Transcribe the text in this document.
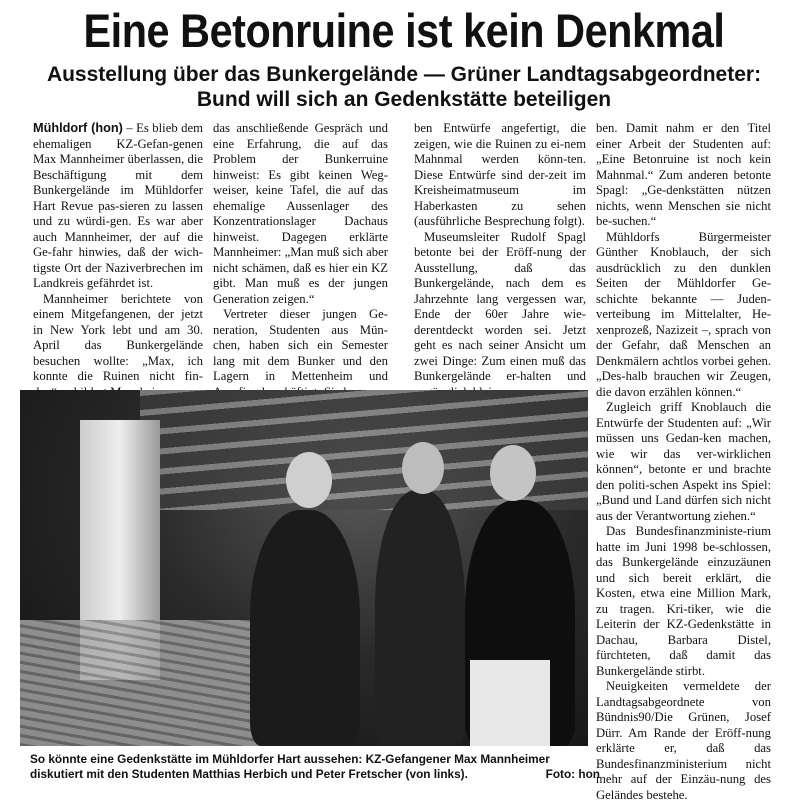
Eine Betonruine ist kein Denkmal
Ausstellung über das Bunkergelände — Grüner Landtagsabgeordneter:
Bund will sich an Gedenkstätte beteiligen

Mühldorf (hon) – Es blieb dem ehemaligen KZ-Gefan-genen Max Mannheimer überlassen, die Beschäftigung mit dem Bunkergelände im Mühldorfer Hart Revue pas-sieren zu lassen und zu würdi-gen. Es war aber auch Mannheimer, der auf die Ge-fahr hinwies, daß der wich-tigste Ort der Naziverbrechen im Landkreis gefährdet ist.

Mannheimer berichtete von einem Mitgefangenen, der jetzt in New York lebt und am 30. April das Bunkergelände besuchen wollte: „Max, ich konnte die Ruinen nicht fin-

das anschließende Gespräch und eine Erfahrung, die auf das Problem der Bunkerruine hinweist: Es gibt keinen Weg-weiser, keine Tafel, die auf das ehemalige Aussenlager des Konzentrationslager Dachaus hinweist. Dagegen erklärte Mannheimer: „Man muß sich aber nicht schämen, daß es hier ein KZ gibt. Man muß es der jungen Generation zeigen.“

Vertreter dieser jungen Ge-neration, Studenten aus Mün-chen, haben sich ein Semester lang mit dem Bunker und den Lagern in Mettenheim und

ben Entwürfe angefertigt, die zeigen, wie die Ruinen zu ei-nem Mahnmal werden könn-ten. Diese Entwürfe sind der-zeit im Kreisheimatmuseum im Haberkasten zu sehen (ausführliche Besprechung folgt).

Museumsleiter Rudolf Spagl betonte bei der Eröff-nung der Ausstellung, daß das Bunkergelände, nach dem es Jahrzehnte lang vergessen war, Ende der 60er Jahre wie-derentdeckt worden sei. Jetzt geht es nach seiner Ansicht um zwei Dinge: Zum einen muß das Bunkergelände er-halten und

ben. Damit nahm er den Titel einer Arbeit der Studenten auf: „Eine Betonruine ist noch kein Mahnmal.“ Zum anderen betonte Spagl: „Ge-denkstätten nützen nichts, wenn Menschen sie nicht be-suchen.“

Mühldorfs Bürgermeister Günther Knoblauch, der sich ausdrücklich zu den dunklen Seiten der Mühldorfer Ge-schichte bekannte — Juden-verteibung im Mittelalter, He-xenprozeß, Nazizeit –, sprach von der Gefahr, daß Menschen an Denkmälern achtlos vorbei gehen. „Des-halb brauchen wir Zeugen, die davon erzählen können.“

Zugleich griff Knoblauch die Entwürfe der Studenten auf: „Wir müssen uns Gedan-ken machen, wie wir das ver-wirklichen können“, betonte er und brachte den politi-schen Aspekt ins Spiel: „Bund und Land dürfen sich nicht aus der Verantwortung ziehen.“

Das Bundesfinanzministe-rium hatte im Juni 1998 be-schlossen, das Bunkergelände einzuzäunen und sich bereit erklärt, die Kosten, etwa eine Million Mark, zu tragen. Kri-tiker, wie die Leiterin der KZ-Gedenkstätte in Dachau, Barbara Distel, fürchteten, daß damit das Bunkergelände stirbt.

Neuigkeiten vermeldete der Landtagsabgeordnete von Bündnis90/Die Grünen, Josef Dürr. Am Rande der Eröff-nung erklärte er, daß das Bundesfinanzministerium nicht mehr auf der Einzäu-nung des Geländes bestehe.

So könnte eine Gedenkstätte im Mühldorfer Hart aussehen: KZ-Gefangener Max Mannheimer
diskutiert mit den Studenten Matthias Herbich und Peter Fretscher (von links).	Foto: hon
